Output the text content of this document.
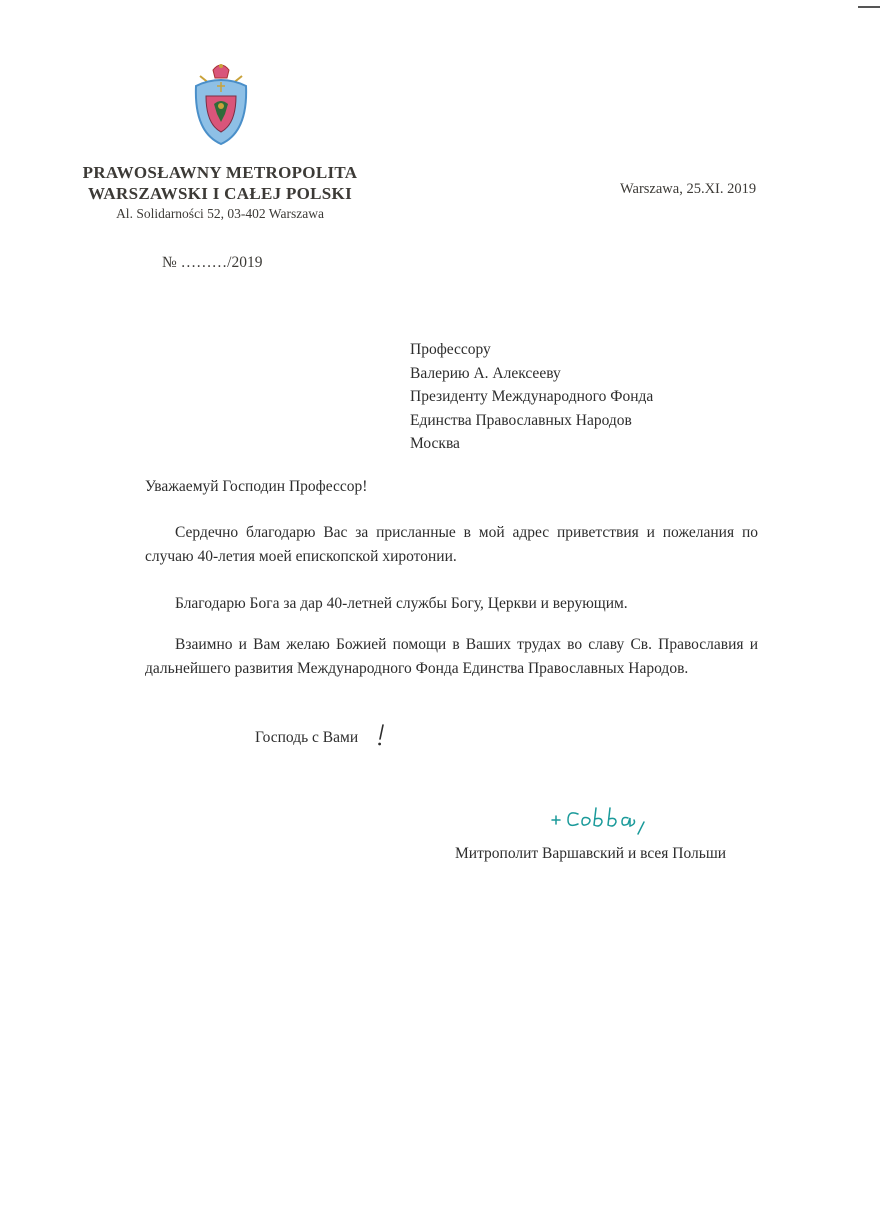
PRAWOSŁAWNY METROPOLITA
WARSZAWSKI I CAŁEJ POLSKI
Al. Solidarności 52, 03-402 Warszawa
Warszawa, 25.XI. 2019
№ ………/2019
Профессору
Валерию А. Алексееву
Президенту Международного Фонда
Единства Православных Народов
Москва
Уважаемуй Господин Профессор!
Сердечно благодарю Вас за присланные в мой адрес приветствия и пожелания по случаю 40-летия моей епископской хиротонии.
Благодарю Бога за дар 40-летней службы Богу, Церкви и верующим.
Взаимно и Вам желаю Божией помощи в Ваших трудах во славу Св. Православия и дальнейшего развития Международного Фонда Единства Православных Народов.
Господь с Вами
Митрополит Варшавский и всея Польши
